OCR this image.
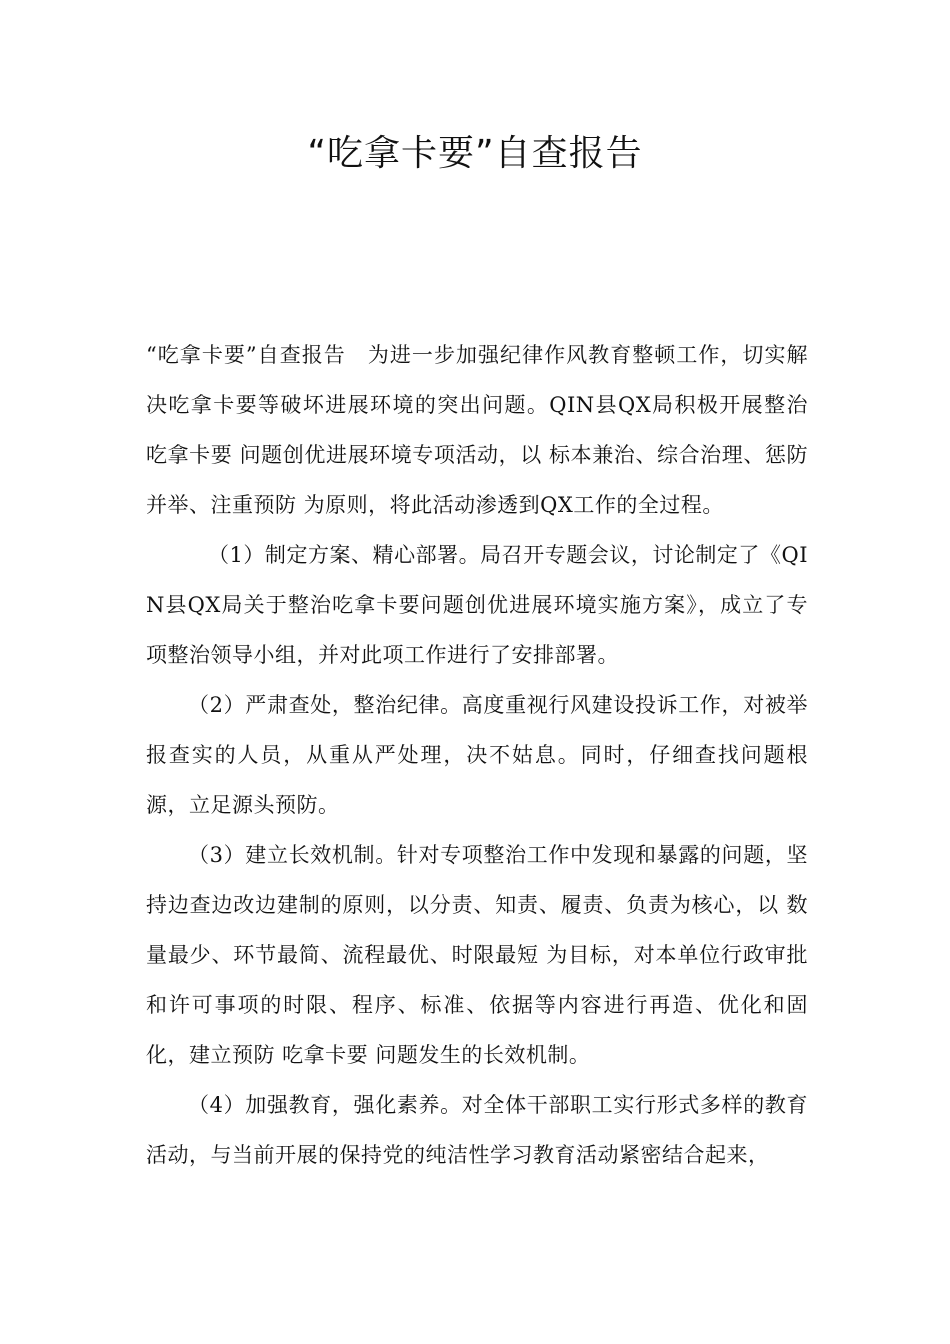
“吃拿卡要”自查报告

“吃拿卡要”自查报告　为进一步加强纪律作风教育整顿工作，切实解决吃拿卡要等破坏进展环境的突出问题。QIN县QX局积极开展整治 吃拿卡要 问题创优进展环境专项活动，以 标本兼治、综合治理、惩防并举、注重预防 为原则，将此活动渗透到QX工作的全过程。

（1）制定方案、精心部署。局召开专题会议，讨论制定了《QIN县QX局关于整治吃拿卡要问题创优进展环境实施方案》，成立了专项整治领导小组，并对此项工作进行了安排部署。

（2）严肃查处，整治纪律。高度重视行风建设投诉工作，对被举报查实的人员，从重从严处理，决不姑息。同时，仔细查找问题根源，立足源头预防。

（3）建立长效机制。针对专项整治工作中发现和暴露的问题，坚持边查边改边建制的原则，以分责、知责、履责、负责为核心，以 数量最少、环节最简、流程最优、时限最短 为目标，对本单位行政审批和许可事项的时限、程序、标准、依据等内容进行再造、优化和固化，建立预防 吃拿卡要 问题发生的长效机制。

（4）加强教育，强化素养。对全体干部职工实行形式多样的教育活动，与当前开展的保持党的纯洁性学习教育活动紧密结合起来，
